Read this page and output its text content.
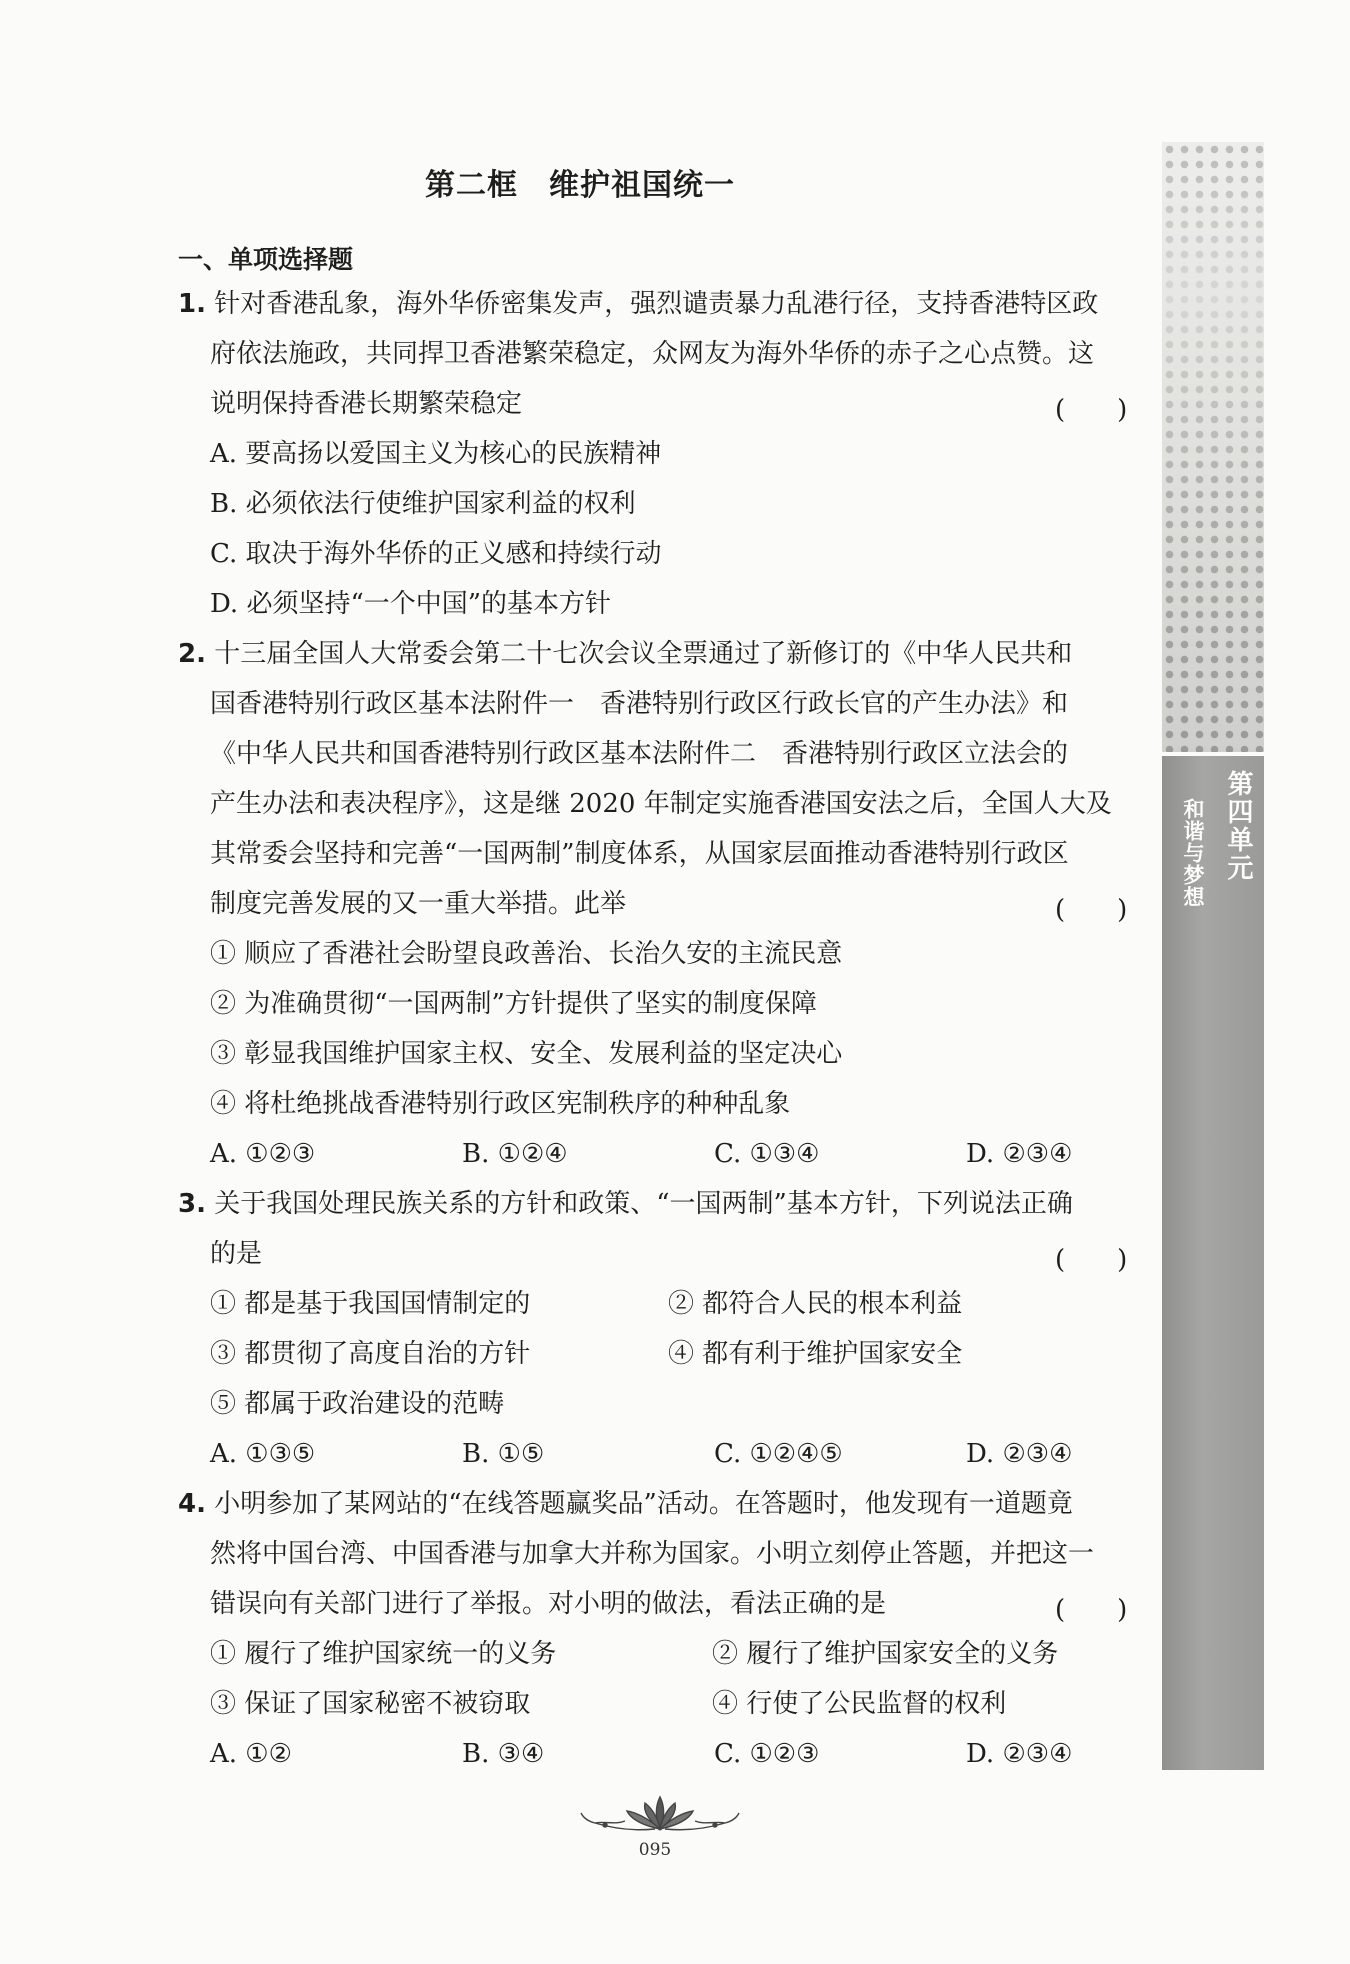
第二框　维护祖国统一
一、单项选择题
1. 针对香港乱象，海外华侨密集发声，强烈谴责暴力乱港行径，支持香港特区政
府依法施政，共同捍卫香港繁荣稳定，众网友为海外华侨的赤子之心点赞。这
说明保持香港长期繁荣稳定	(　　)
A. 要高扬以爱国主义为核心的民族精神
B. 必须依法行使维护国家利益的权利
C. 取决于海外华侨的正义感和持续行动
D. 必须坚持“一个中国”的基本方针
2. 十三届全国人大常委会第二十七次会议全票通过了新修订的《中华人民共和
国香港特别行政区基本法附件一　香港特别行政区行政长官的产生办法》和
《中华人民共和国香港特别行政区基本法附件二　香港特别行政区立法会的
产生办法和表决程序》，这是继 2020 年制定实施香港国安法之后，全国人大及
其常委会坚持和完善“一国两制”制度体系，从国家层面推动香港特别行政区
制度完善发展的又一重大举措。此举	(　　)
① 顺应了香港社会盼望良政善治、长治久安的主流民意
② 为准确贯彻“一国两制”方针提供了坚实的制度保障
③ 彰显我国维护国家主权、安全、发展利益的坚定决心
④ 将杜绝挑战香港特别行政区宪制秩序的种种乱象
A. ①②③	B. ①②④	C. ①③④	D. ②③④
3. 关于我国处理民族关系的方针和政策、“一国两制”基本方针，下列说法正确
的是	(　　)
① 都是基于我国国情制定的	② 都符合人民的根本利益
③ 都贯彻了高度自治的方针	④ 都有利于维护国家安全
⑤ 都属于政治建设的范畴
A. ①③⑤	B. ①⑤	C. ①②④⑤	D. ②③④
4. 小明参加了某网站的“在线答题赢奖品”活动。在答题时，他发现有一道题竟
然将中国台湾、中国香港与加拿大并称为国家。小明立刻停止答题，并把这一
错误向有关部门进行了举报。对小明的做法，看法正确的是	(　　)
① 履行了维护国家统一的义务	② 履行了维护国家安全的义务
③ 保证了国家秘密不被窃取	④ 行使了公民监督的权利
A. ①②	B. ③④	C. ①②③	D. ②③④
第四单元
和谐与梦想
095
